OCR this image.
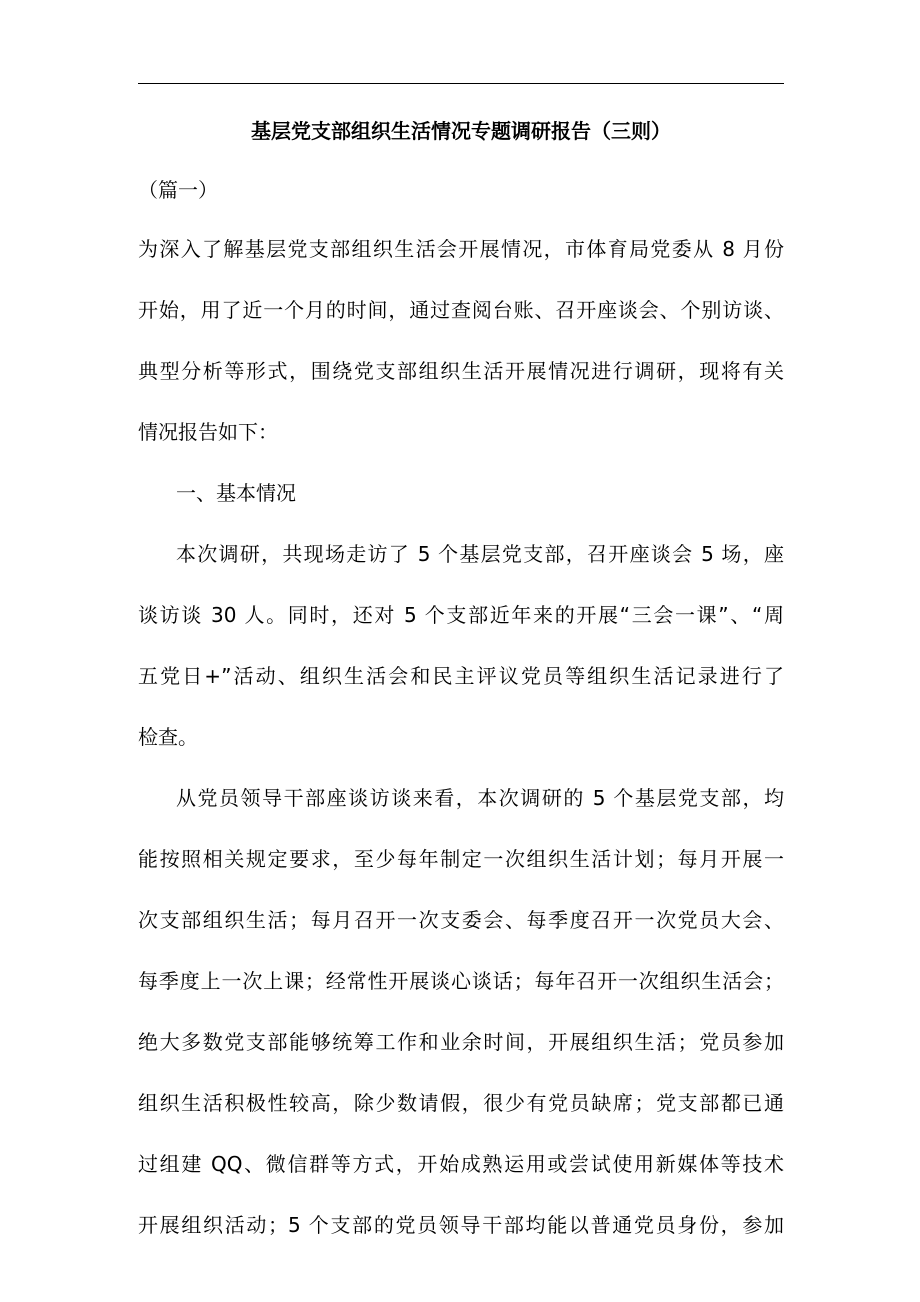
基层党支部组织生活情况专题调研报告（三则）
（篇一）
为深入了解基层党支部组织生活会开展情况，市体育局党委从 8 月份
开始，用了近一个月的时间，通过查阅台账、召开座谈会、个别访谈、
典型分析等形式，围绕党支部组织生活开展情况进行调研，现将有关
情况报告如下：
一、基本情况
本次调研，共现场走访了 5 个基层党支部，召开座谈会 5 场，座
谈访谈 30 人。同时，还对 5 个支部近年来的开展“三会一课”、“周
五党日+”活动、组织生活会和民主评议党员等组织生活记录进行了
检查。
从党员领导干部座谈访谈来看，本次调研的 5 个基层党支部，均
能按照相关规定要求，至少每年制定一次组织生活计划；每月开展一
次支部组织生活；每月召开一次支委会、每季度召开一次党员大会、
每季度上一次上课；经常性开展谈心谈话；每年召开一次组织生活会；
绝大多数党支部能够统筹工作和业余时间，开展组织生活；党员参加
组织生活积极性较高，除少数请假，很少有党员缺席；党支部都已通
过组建 QQ、微信群等方式，开始成熟运用或尝试使用新媒体等技术
开展组织活动；5 个支部的党员领导干部均能以普通党员身份，参加
